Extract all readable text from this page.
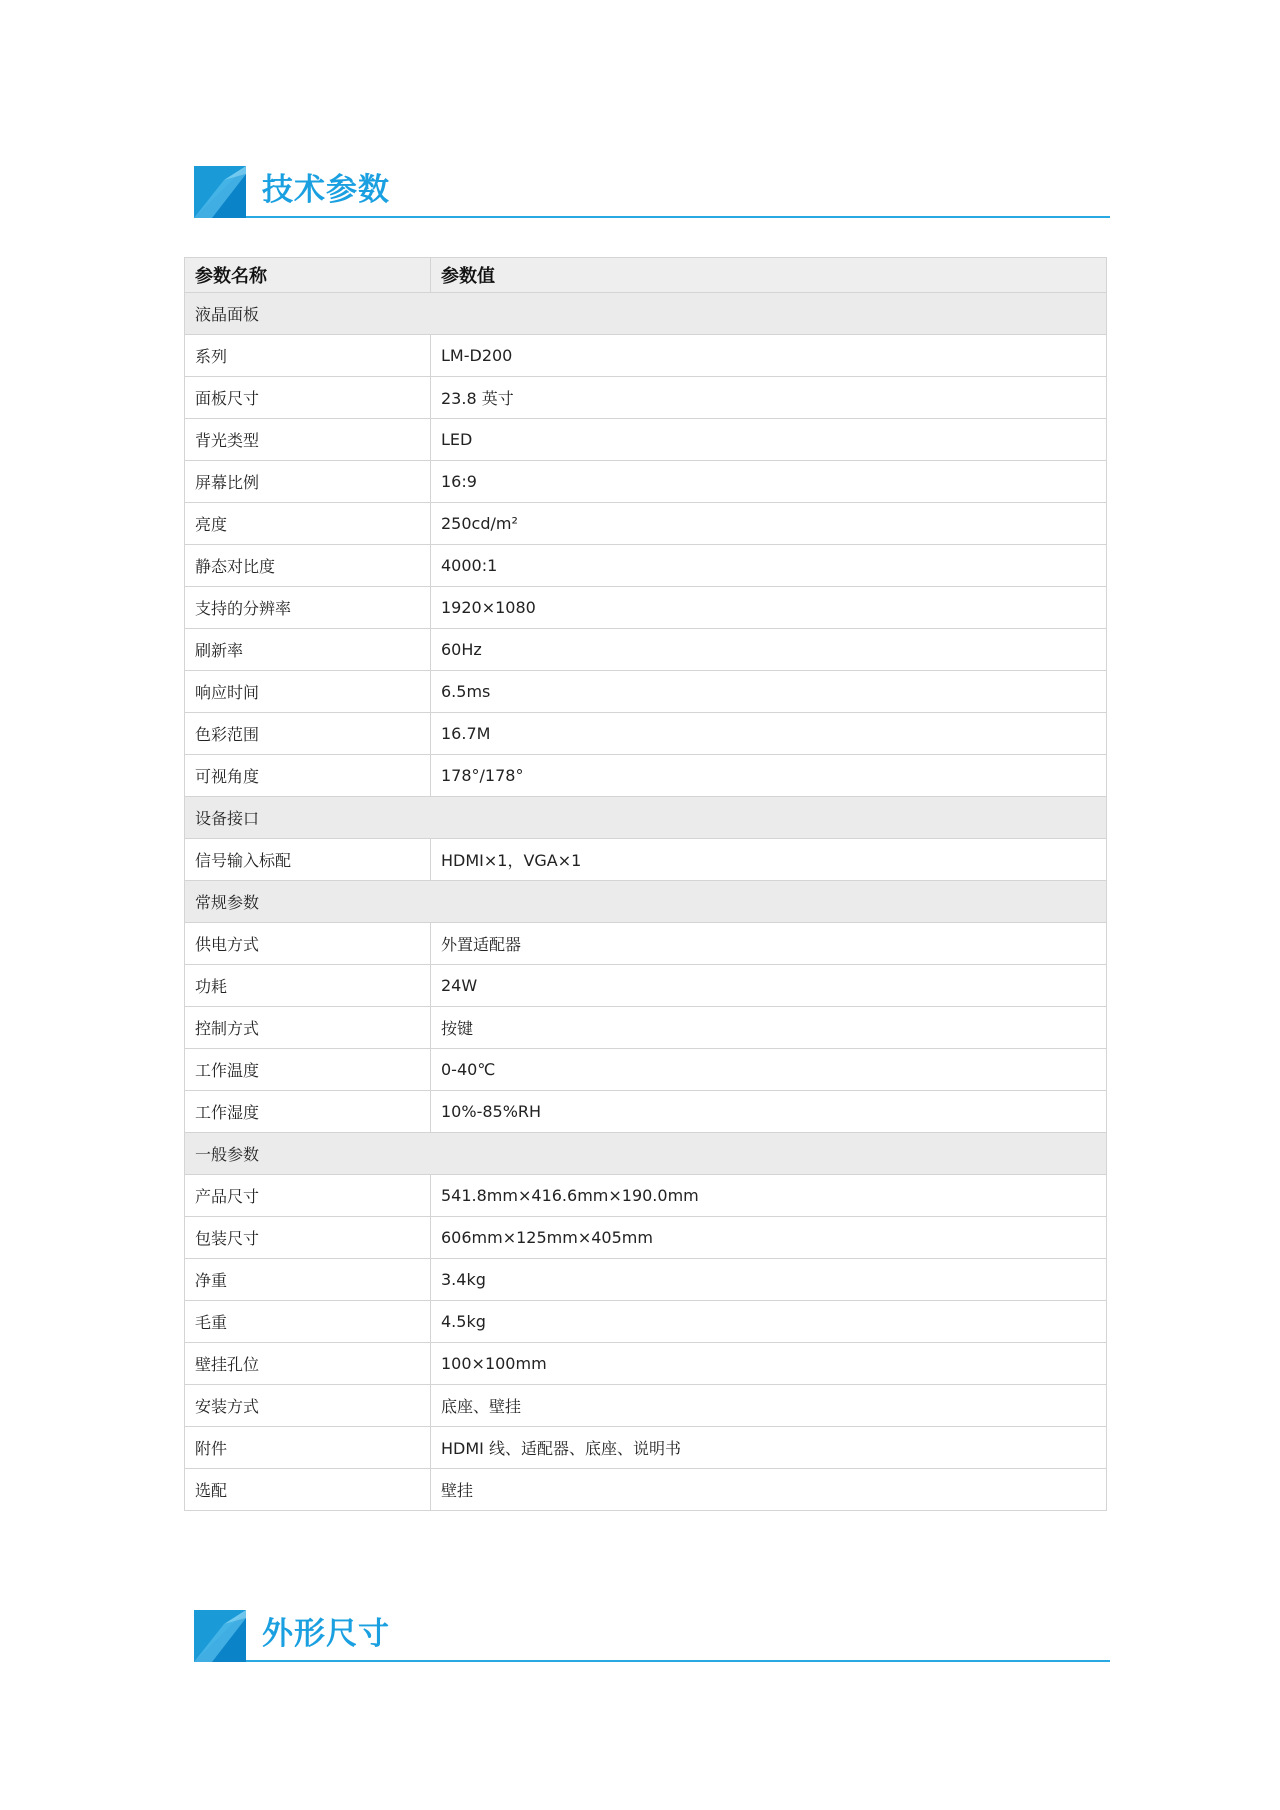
技术参数
参数名称	参数值
液晶面板	
系列	LM-D200
面板尺寸	23.8 英寸
背光类型	LED
屏幕比例	16:9
亮度	250cd/m²
静态对比度	4000:1
支持的分辨率	1920×1080
刷新率	60Hz
响应时间	6.5ms
色彩范围	16.7M
可视角度	178°/178°
设备接口	
信号输入标配	HDMI×1，VGA×1
常规参数	
供电方式	外置适配器
功耗	24W
控制方式	按键
工作温度	0-40℃
工作湿度	10%-85%RH
一般参数	
产品尺寸	541.8mm×416.6mm×190.0mm
包装尺寸	606mm×125mm×405mm
净重	3.4kg
毛重	4.5kg
壁挂孔位	100×100mm
安装方式	底座、壁挂
附件	HDMI 线、适配器、底座、说明书
选配	壁挂
外形尺寸
